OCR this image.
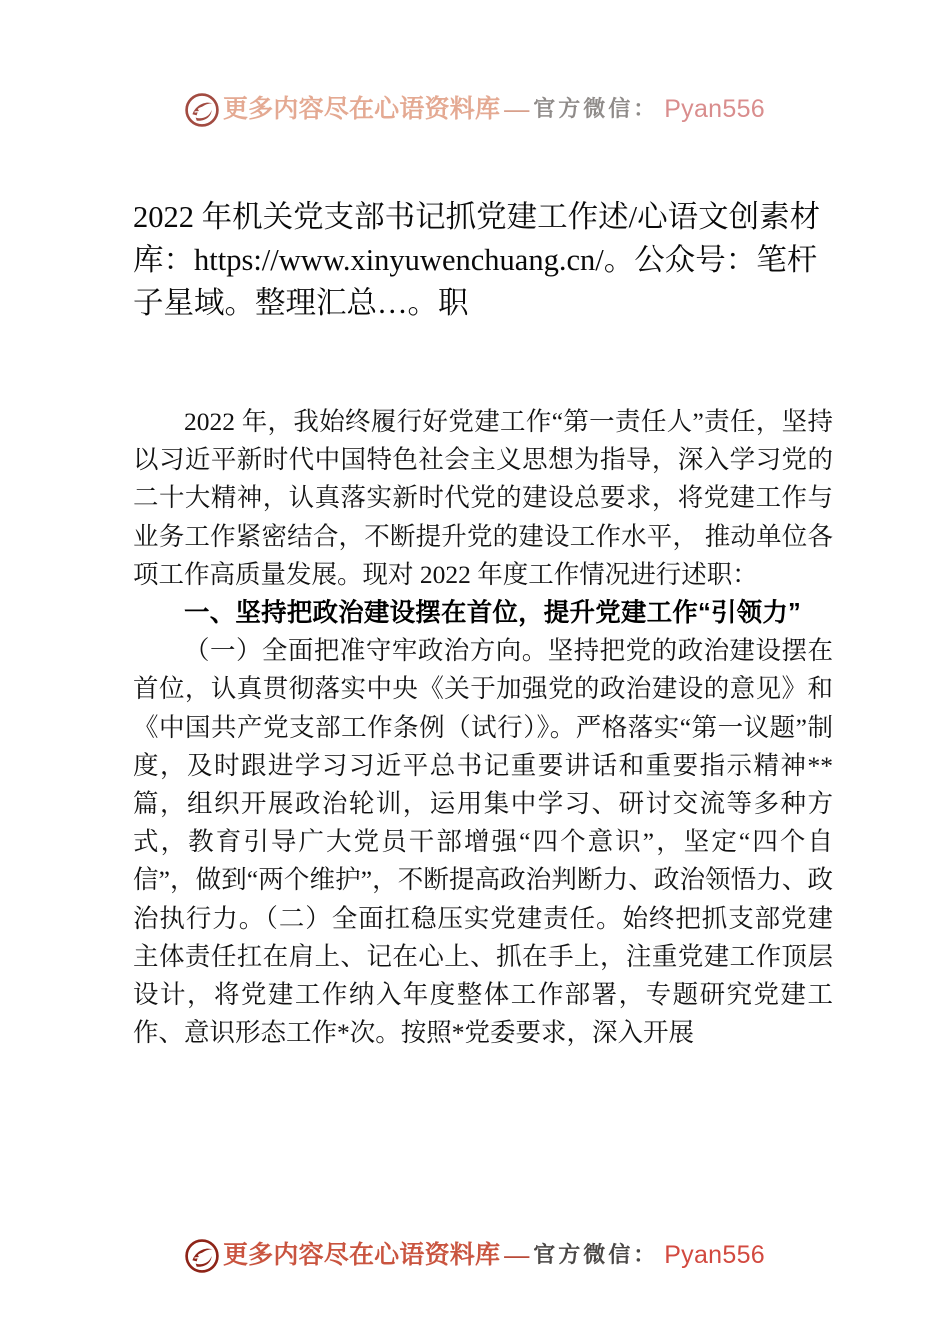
更多内容尽在心语资料库 — 官方微信： Pyan556
2022 年机关党支部书记抓党建工作述/心语文创素材库：https://www.xinyuwenchuang.cn/。公众号：笔杆子星域。整理汇总…。职

2022 年，我始终履行好党建工作“第一责任人”责任，坚持以习近平新时代中国特色社会主义思想为指导，深入学习党的二十大精神，认真落实新时代党的建设总要求，将党建工作与业务工作紧密结合，不断提升党的建设工作水平， 推动单位各项工作高质量发展。现对 2022 年度工作情况进行述职：

一、坚持把政治建设摆在首位，提升党建工作“引领力”

（一）全面把准守牢政治方向。坚持把党的政治建设摆在首位，认真贯彻落实中央《关于加强党的政治建设的意见》和《中国共产党支部工作条例（试行）》。严格落实“第一议题”制度，及时跟进学习习近平总书记重要讲话和重要指示精神**篇，组织开展政治轮训，运用集中学习、研讨交流等多种方式，教育引导广大党员干部增强“四个意识”，坚定“四个自信”，做到“两个维护”，不断提高政治判断力、政治领悟力、政治执行力。（二）全面扛稳压实党建责任。始终把抓支部党建主体责任扛在肩上、记在心上、抓在手上，注重党建工作顶层设计，将党建工作纳入年度整体工作部署，专题研究党建工作、意识形态工作*次。按照*党委要求，深入开展

更多内容尽在心语资料库 — 官方微信： Pyan556
